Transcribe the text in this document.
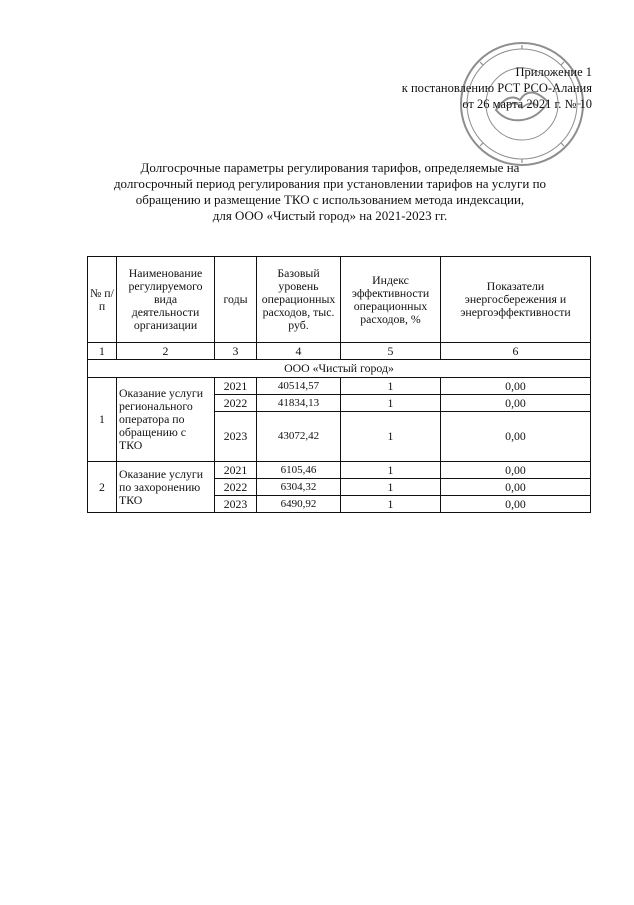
Приложение 1
к постановлению РСТ РСО-Алания
от 26 марта 2021 г. № 10
Долгосрочные параметры регулирования тарифов, определяемые на
долгосрочный период регулирования при установлении тарифов на услуги по
обращению и размещение ТКО с использованием метода индексации,
для ООО «Чистый город» на 2021-2023 гг.
№ п/п	Наименование регулируемого вида деятельности организации	годы	Базовый уровень операционных расходов, тыс. руб.	Индекс эффективности операционных расходов, %	Показатели энергосбережения и энергоэффективности
1	2	3	4	5	6
ООО «Чистый город»					
1	Оказание услуги регионального оператора по обращению с ТКО	2021	40514,57	1	0,00
		2022	41834,13	1	0,00
		2023	43072,42	1	0,00
2	Оказание услуги по захоронению ТКО	2021	6105,46	1	0,00
		2022	6304,32	1	0,00
		2023	6490,92	1	0,00
